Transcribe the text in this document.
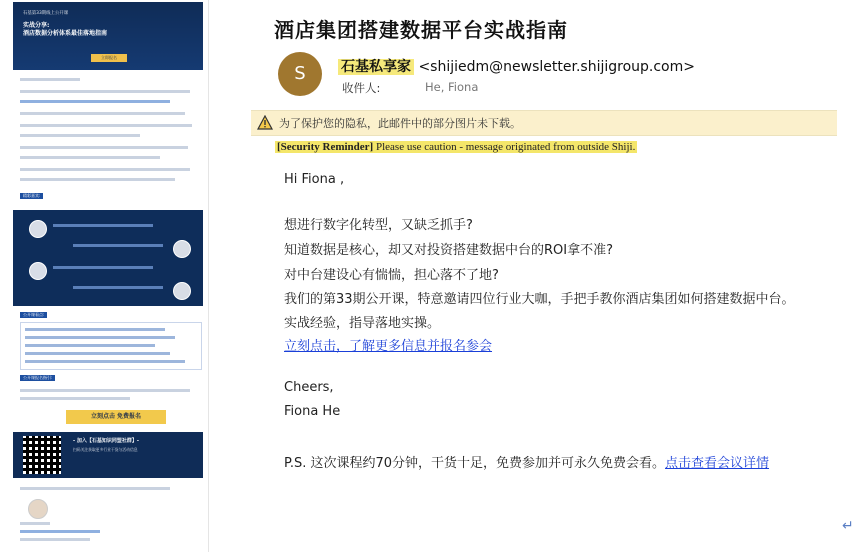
石基第33期线上公开课
实战分享:
酒店数据分析体系最佳落地指南
立即报名
精彩嘉宾:
公开课看点:
公开课报名指引:
立刻点击 免费报名
- 加入【石基知识同盟社群】-
扫码关注获取更多行业干货与活动信息
酒店集团搭建数据平台实战指南
S	石基私享家 <shijiedm@newsletter.shijigroup.com>
收件人:	He, Fiona
为了保护您的隐私，此邮件中的部分图片未下载。
[Security Reminder] Please use caution - message originated from outside Shiji.
Hi Fiona ,
想进行数字化转型，又缺乏抓手?
知道数据是核心，却又对投资搭建数据中台的ROI拿不准?
对中台建设心有惴惴，担心落不了地?
我们的第33期公开课，特意邀请四位行业大咖，手把手教你酒店集团如何搭建数据中台。
实战经验，指导落地实操。
立刻点击，了解更多信息并报名参会
Cheers,
Fiona He
P.S. 这次课程约70分钟，干货十足，免费参加并可永久免费会看。点击查看会议详情
↵
